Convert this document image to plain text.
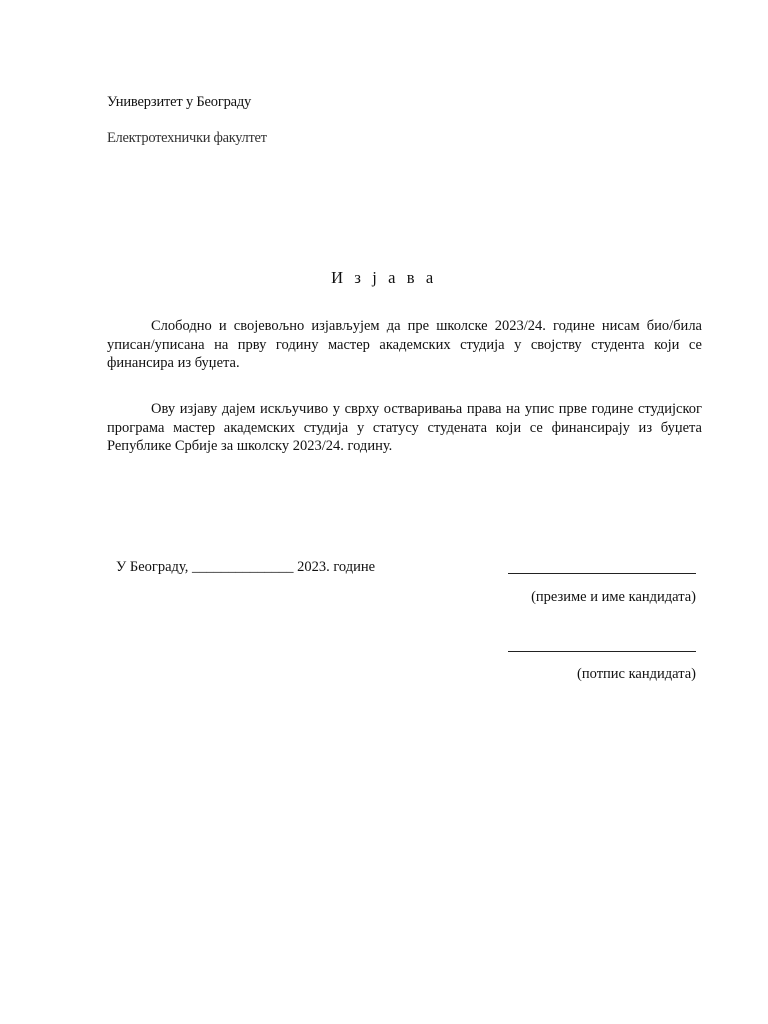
Универзитет у Београду
Електротехнички факултет
И з ј а в а

Слободно и својевољно изјављујем да пре школске 2023/24. године нисам био/била уписан/уписана на прву годину мастер академских студија у својству студента који се финансира из буџета.

Ову изјаву дајем искључиво у сврху остваривања права на упис прве године студијског програма мастер академских студија у статусу студената који се финансирају из буџета Републике Србије за школску 2023/24. годину.

У Београду, ______________ 2023. године
(презиме и име кандидата)
(потпис кандидата)
